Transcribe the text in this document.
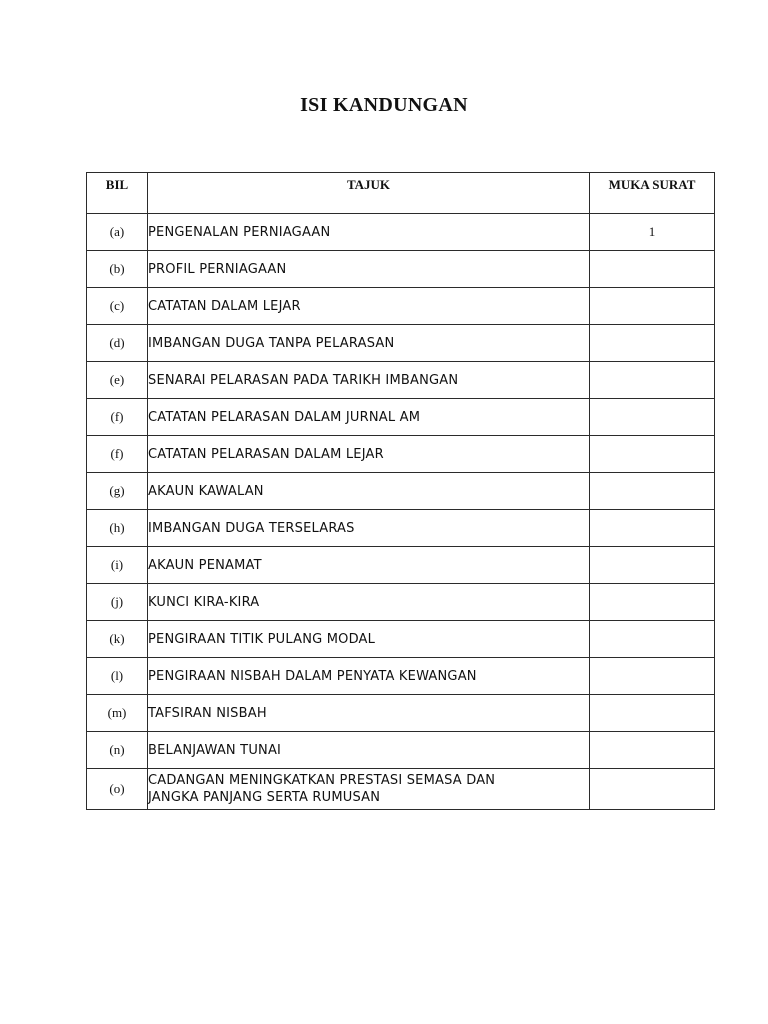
ISI KANDUNGAN
BIL	TAJUK	MUKA SURAT
(a)	PENGENALAN PERNIAGAAN	1
(b)	PROFIL PERNIAGAAN	
(c)	CATATAN DALAM LEJAR	
(d)	IMBANGAN DUGA TANPA PELARASAN	
(e)	SENARAI PELARASAN PADA TARIKH IMBANGAN	
(f)	CATATAN PELARASAN DALAM JURNAL AM	
(f)	CATATAN PELARASAN DALAM LEJAR	
(g)	AKAUN KAWALAN	
(h)	IMBANGAN DUGA TERSELARAS	
(i)	AKAUN PENAMAT	
(j)	KUNCI KIRA-KIRA	
(k)	PENGIRAAN TITIK PULANG MODAL	
(l)	PENGIRAAN NISBAH DALAM PENYATA KEWANGAN	
(m)	TAFSIRAN NISBAH	
(n)	BELANJAWAN TUNAI	
(o)	CADANGAN MENINGKATKAN PRESTASI SEMASA DAN
JANGKA PANJANG SERTA RUMUSAN	
